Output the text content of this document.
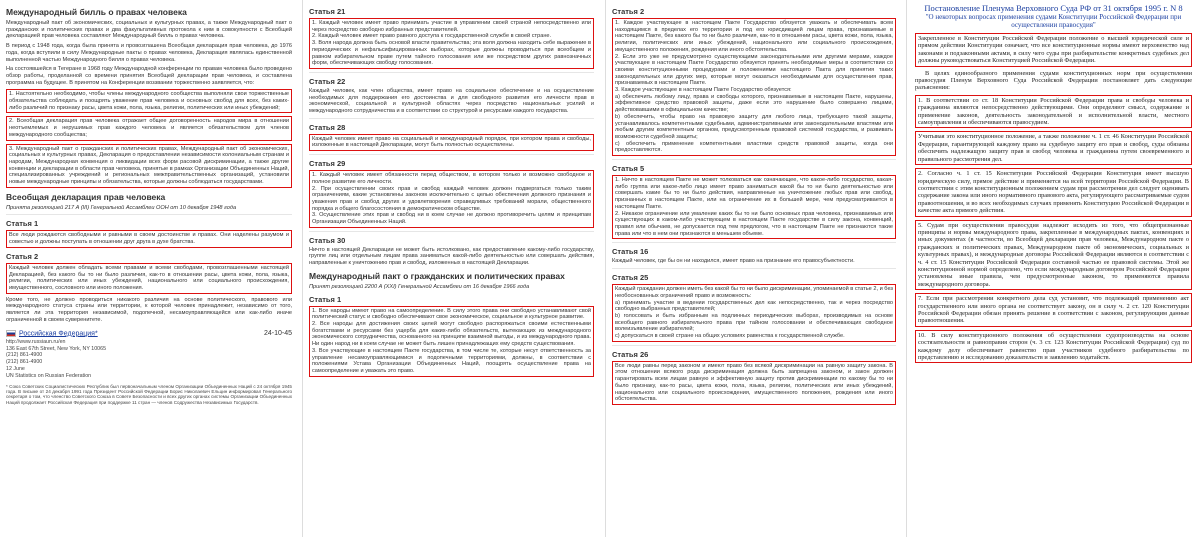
Международный билль о правах человека

Международный пакт об экономических, социальных и культурных правах, а также Международный пакт о гражданских и политических правах и два факультативных протокола к ним в совокупности с Всеобщей декларацией прав человека составляют Международный билль о правах человека.

В период с 1948 года, когда была принята и провозглашена Всеобщая декларация прав человека, до 1976 года, когда вступили в силу Международные пакты о правах человека, Декларация являлась единственной выполненной частью Международного билля о правах человека.

На состоявшейся в Тегеране в 1968 году Международной конференции по правам человека было проведено обзор работы, проделанной со времени принятия Всеобщей декларации прав человека, и составлена программа на будущее. В принятом на Конференции воззвании торжественно заявляется, что:

1. Настоятельно необходимо, чтобы члены международного сообщества выполняли свои торжественные обязательства соблюдать и поощрять уважение прав человека и основных свобод для всех, без каких-либо различий по признаку расы, цвета кожи, пола, языка, религии, политических или иных убеждений;

2. Всеобщая декларация прав человека отражает общее договоренность народов мира в отношении неотъемлемых и нерушимых прав каждого человека и является обязательством для членов международного сообщества;

3. Международный пакт о гражданских и политических правах, Международный пакт об экономических, социальных и культурных правах, Декларация о предоставлении независимости колониальным странам и народам, Международная конвенция о ликвидации всех форм расовой дискриминации, а также другие конвенции и декларации в области прав человека, принятые в рамках Организации Объединенных Наций, специализированных учреждений и региональных межправительственных организаций, установили новые международные принципы и обязательства, которые должны соблюдаться государствами.

Всеобщая декларация прав человека

Принята резолюцией 217 A (III) Генеральной Ассамблеи ООН от 10 декабря 1948 года

Статья 1

Все люди рождаются свободными и равными в своем достоинстве и правах. Они наделены разумом и совестью и должны поступать в отношении друг друга в духе братства.

Статья 2

Каждый человек должен обладать всеми правами и всеми свободами, провозглашенными настоящей Декларацией, без какого бы то ни было различия, как-то в отношении расы, цвета кожи, пола, языка, религии, политических или иных убеждений, национального или социального происхождения, имущественного, сословного или иного положения.

Кроме того, не должно проводиться никакого различия на основе политического, правового или международного статуса страны или территории, к которой человек принадлежит, независимо от того, является ли эта территория независимой, подопечной, несамоуправляющейся или как-либо иначе ограниченной в своем суверенитете.

Российская Федерация*	24-10-45
http://www.russiaun.ru/en
136 East 67th Street, New York, NY 10065
(212) 861-4900
(212) 861-4900
12 June
UN Statistics on Russian Federation

* Союз Советских Социалистических Республик был первоначальным членом Организации Объединенных Наций с 24 октября 1945 года. В письме от 24 декабря 1991 года Президент Российской Федерации Борис Николаевич Ельцин информировал Генерального секретаря о том, что членство Советского Союза в Совете Безопасности и всех других органах системы Организации Объединенных Наций продолжает Российская Федерация при поддержке 11 стран — членов Содружества Независимых Государств.

Статья 21

1. Каждый человек имеет право принимать участие в управлении своей страной непосредственно или через посредство свободно избранных представителей.
2. Каждый человек имеет право равного доступа к государственной службе в своей стране.
3. Воля народа должна быть основой власти правительства; эта воля должна находить себе выражение в периодических и нефальсифицированных выборах, которые должны проводиться при всеобщем и равном избирательном праве путем тайного голосования или же посредством других равнозначных форм, обеспечивающих свободу голосования.

Статья 22

Каждый человек, как член общества, имеет право на социальное обеспечение и на осуществление необходимых для поддержания его достоинства и для свободного развития его личности прав в экономической, социальной и культурной областях через посредство национальных усилий и международного сотрудничества и в соответствии со структурой и ресурсами каждого государства.

Статья 28

Каждый человек имеет право на социальный и международный порядок, при котором права и свободы, изложенные в настоящей Декларации, могут быть полностью осуществлены.

Статья 29

1. Каждый человек имеет обязанности перед обществом, в котором только и возможно свободное и полное развитие его личности.
2. При осуществлении своих прав и свобод каждый человек должен подвергаться только таким ограничениям, какие установлены законом исключительно с целью обеспечения должного признания и уважения прав и свобод других и удовлетворения справедливых требований морали, общественного порядка и общего благосостояния в демократическом обществе.
3. Осуществление этих прав и свобод ни в коем случае не должно противоречить целям и принципам Организации Объединенных Наций.

Статья 30

Ничто в настоящей Декларации не может быть истолковано, как предоставление какому-либо государству, группе лиц или отдельным лицам права заниматься какой-либо деятельностью или совершать действия, направленные к уничтожению прав и свобод, изложенных в настоящей Декларации.

Международный пакт о гражданских и политических правах

Принят резолюцией 2200 A (XXI) Генеральной Ассамблеи от 16 декабря 1966 года

Статья 1

1. Все народы имеют право на самоопределение. В силу этого права они свободно устанавливают свой политический статус и свободно обеспечивают свое экономическое, социальное и культурное развитие.
2. Все народы для достижения своих целей могут свободно распоряжаться своими естественными богатствами и ресурсами без ущерба для каких-либо обязательств, вытекающих из международного экономического сотрудничества, основанного на принципе взаимной выгоды, и из международного права. Ни один народ ни в коем случае не может быть лишен принадлежащих ему средств существования.
3. Все участвующие в настоящем Пакте государства, в том числе те, которые несут ответственность за управление несамоуправляющимися и подопечными территориями, должны, в соответствии с положениями Устава Организации Объединенных Наций, поощрять осуществление права на самоопределение и уважать это право.

Статья 2

1. Каждое участвующее в настоящем Пакте Государство обязуется уважать и обеспечивать всем находящимся в пределах его территории и под его юрисдикцией лицам права, признаваемые в настоящем Пакте, без какого бы то ни было различия, как-то в отношении расы, цвета кожи, пола, языка, религии, политических или иных убеждений, национального или социального происхождения, имущественного положения, рождения или иного обстоятельства.
2. Если это уже не предусмотрено существующими законодательными или другими мерами, каждое участвующее в настоящем Пакте Государство обязуется принять необходимые меры в соответствии со своими конституционными процедурами и положениями настоящего Пакта для принятия таких законодательных или других мер, которые могут оказаться необходимыми для осуществления прав, признаваемых в настоящем Пакте.
3. Каждое участвующее в настоящем Пакте Государство обязуется:
а) обеспечить любому лицу, права и свободы которого, признаваемые в настоящем Пакте, нарушены, эффективное средство правовой защиты, даже если это нарушение было совершено лицами, действовавшими в официальном качестве;
b) обеспечить, чтобы право на правовую защиту для любого лица, требующего такой защиты, устанавливалось компетентными судебными, административными или законодательными властями или любым другим компетентным органом, предусмотренным правовой системой государства, и развивать возможности судебной защиты;
c) обеспечить применение компетентными властями средств правовой защиты, когда они предоставляются.

Статья 5

1. Ничто в настоящем Пакте не может толковаться как означающее, что какое-либо государство, какая-либо группа или какое-либо лицо имеет право заниматься какой бы то ни было деятельностью или совершать какие бы то ни было действия, направленные на уничтожение любых прав или свобод, признанных в настоящем Пакте, или на ограничение их в большей мере, чем предусматривается в настоящем Пакте.
2. Никакое ограничение или умаление каких бы то ни было основных прав человека, признаваемых или существующих в каком-либо участвующем в настоящем Пакте государстве в силу закона, конвенций, правил или обычаев, не допускается под тем предлогом, что в настоящем Пакте не признаются такие права или что в нем они признаются в меньшем объеме.

Статья 16

Каждый человек, где бы он ни находился, имеет право на признание его правосубъектности.

Статья 25

Каждый гражданин должен иметь без какой бы то ни было дискриминации, упоминаемой в статье 2, и без необоснованных ограничений право и возможность:
a) принимать участие в ведении государственных дел как непосредственно, так и через посредство свободно выбранных представителей;
b) голосовать и быть избранным на подлинных периодических выборах, производимых на основе всеобщего равного избирательного права при тайном голосовании и обеспечивающих свободное волеизъявление избирателей;
c) допускаться в своей стране на общих условиях равенства к государственной службе.

Статья 26

Все люди равны перед законом и имеют право без всякой дискриминации на равную защиту закона. В этом отношении всякого рода дискриминация должна быть запрещена законом, и закон должен гарантировать всем лицам равную и эффективную защиту против дискриминации по какому бы то ни было признаку, как-то расы, цвета кожи, пола, языка, религии, политических или иных убеждений, национального или социального происхождения, имущественного положения, рождения или иного обстоятельства.

Постановление Пленума Верховного Суда РФ от 31 октября 1995 г. N 8
"О некоторых вопросах применения судами Конституции Российской Федерации при осуществлении правосудия"

Закрепленное в Конституции Российской Федерации положение о высшей юридической силе и прямом действии Конституции означает, что все конституционные нормы имеют верховенство над законами и подзаконными актами, в силу чего суды при разбирательстве конкретных судебных дел должны руководствоваться Конституцией Российской Федерации.

В целях единообразного применения судами конституционных норм при осуществлении правосудия Пленум Верховного Суда Российской Федерации постановляет дать следующие разъяснения:

1. В соответствии со ст. 18 Конституции Российской Федерации права и свободы человека и гражданина являются непосредственно действующими. Они определяют смысл, содержание и применение законов, деятельность законодательной и исполнительной власти, местного самоуправления и обеспечиваются правосудием.

Учитывая это конституционное положение, а также положение ч. 1 ст. 46 Конституции Российской Федерации, гарантирующей каждому право на судебную защиту его прав и свобод, суды обязаны обеспечить надлежащую защиту прав и свобод человека и гражданина путем своевременного и правильного рассмотрения дел.

2. Согласно ч. 1 ст. 15 Конституции Российской Федерации Конституция имеет высшую юридическую силу, прямое действие и применяется на всей территории Российской Федерации. В соответствии с этим конституционным положением судам при рассмотрении дел следует оценивать содержание закона или иного нормативного правового акта, регулирующего рассматриваемые судом правоотношения, и во всех необходимых случаях применять Конституцию Российской Федерации в качестве акта прямого действия.

5. Судам при осуществлении правосудия надлежит исходить из того, что общепризнанные принципы и нормы международного права, закрепленные в международных пактах, конвенциях и иных документах (в частности, во Всеобщей декларации прав человека, Международном пакте о гражданских и политических правах, Международном пакте об экономических, социальных и культурных правах), и международные договоры Российской Федерации являются в соответствии с ч. 4 ст. 15 Конституции Российской Федерации составной частью ее правовой системы. Этой же конституционной нормой определено, что если международным договором Российской Федерации установлены иные правила, чем предусмотренные законом, то применяются правила международного договора.

7. Если при рассмотрении конкретного дела суд установит, что подлежащий применению акт государственного или иного органа не соответствует закону, он в силу ч. 2 ст. 120 Конституции Российской Федерации обязан принять решение в соответствии с законом, регулирующим данные правоотношения.

10. В силу конституционного положения об осуществлении судопроизводства на основе состязательности и равноправия сторон (ч. 3 ст. 123 Конституции Российской Федерации) суд по каждому делу обеспечивает равенство прав участников судебного разбирательства по представлению и исследованию доказательств и заявлению ходатайств.
